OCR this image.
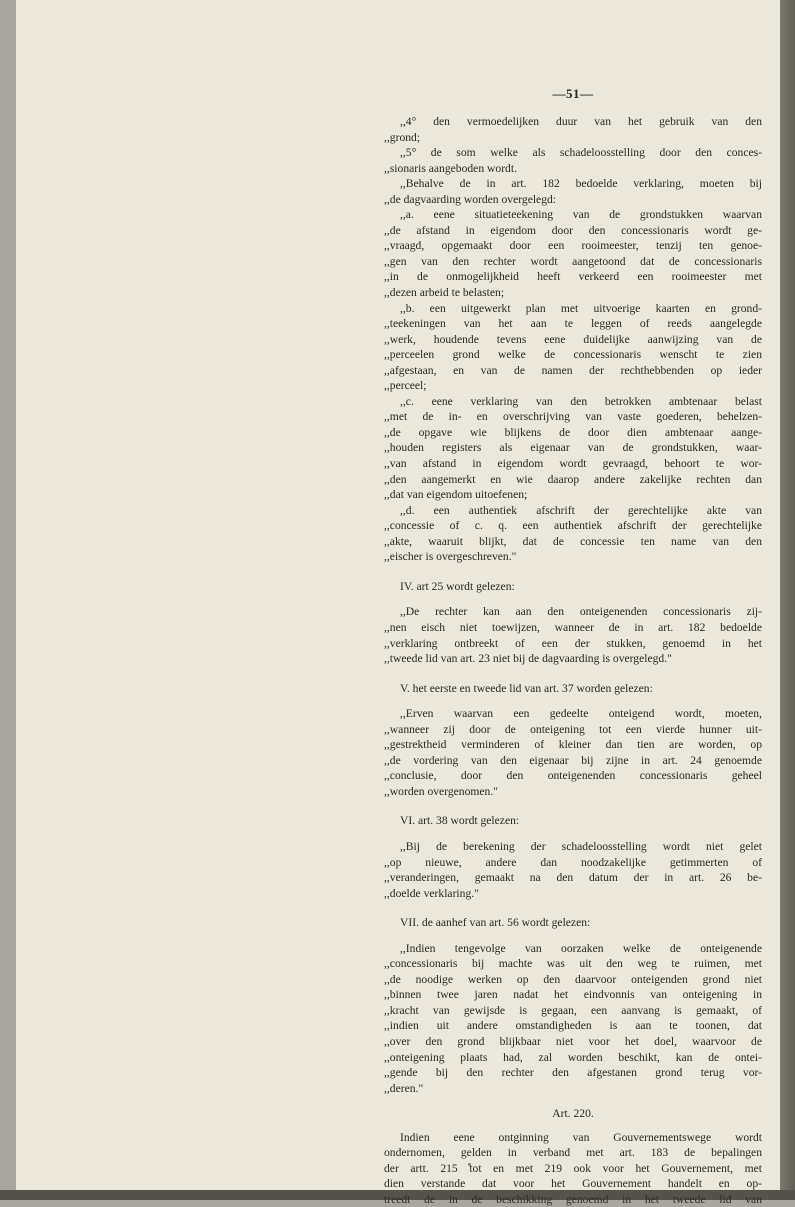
—51—
,,4° den vermoedelijken duur van het gebruik van den
,,grond;
,,5° de som welke als schadeloosstelling door den conces-
,,sionaris aangeboden wordt.
,,Behalve de in art. 182 bedoelde verklaring, moeten bij
,,de dagvaarding worden overgelegd:
,,a. eene situatieteekening van de grondstukken waarvan
,,de afstand in eigendom door den concessionaris wordt ge-
,,vraagd, opgemaakt door een rooimeester, tenzij ten genoe-
,,gen van den rechter wordt aangetoond dat de concessionaris
,,in de onmogelijkheid heeft verkeerd een rooimeester met
,,dezen arbeid te belasten;
,,b. een uitgewerkt plan met uitvoerige kaarten en grond-
,,teekeningen van het aan te leggen of reeds aangelegde
,,werk, houdende tevens eene duidelijke aanwijzing van de
,,perceelen grond welke de concessionaris wenscht te zien
,,afgestaan, en van de namen der rechthebbenden op ieder
,,perceel;
,,c. eene verklaring van den betrokken ambtenaar belast
,,met de in- en overschrijving van vaste goederen, behelzen-
,,de opgave wie blijkens de door dien ambtenaar aange-
,,houden registers als eigenaar van de grondstukken, waar-
,,van afstand in eigendom wordt gevraagd, behoort te wor-
,,den aangemerkt en wie daarop andere zakelijke rechten dan
,,dat van eigendom uitoefenen;
,,d. een authentiek afschrift der gerechtelijke akte van
,,concessie of c. q. een authentiek afschrift der gerechtelijke
,,akte, waaruit blijkt, dat de concessie ten name van den
,,eischer is overgeschreven."
IV. art 25 wordt gelezen:
,,De rechter kan aan den onteigenenden concessionaris zij-
,,nen eisch niet toewijzen, wanneer de in art. 182 bedoelde
,,verklaring ontbreekt of een der stukken, genoemd in het
,,tweede lid van art. 23 niet bij de dagvaarding is overgelegd."
V. het eerste en tweede lid van art. 37 worden gelezen:
,,Erven waarvan een gedeelte onteigend wordt, moeten,
,,wanneer zij door de onteigening tot een vierde hunner uit-
,,gestrektheid verminderen of kleiner dan tien are worden, op
,,de vordering van den eigenaar bij zijne in art. 24 genoemde
,,conclusie, door den onteigenenden concessionaris geheel
,,worden overgenomen."
VI. art. 38 wordt gelezen:
,,Bij de berekening der schadeloosstelling wordt niet gelet
,,op nieuwe, andere dan noodzakelijke getimmerten of
,,veranderingen, gemaakt na den datum der in art. 26 be-
,,doelde verklaring."
VII. de aanhef van art. 56 wordt gelezen:
,,Indien tengevolge van oorzaken welke de onteigenende
,,concessionaris bij machte was uit den weg te ruimen, met
,,de noodige werken op den daarvoor onteigenden grond niet
,,binnen twee jaren nadat het eindvonnis van onteigening in
,,kracht van gewijsde is gegaan, een aanvang is gemaakt, of
,,indien uit andere omstandigheden is aan te toonen, dat
,,over den grond blijkbaar niet voor het doel, waarvoor de
,,onteigening plaats had, zal worden beschikt, kan de ontei-
,,gende bij den rechter den afgestanen grond terug vor-
,,deren."
Art. 220.
Indien eene ontginning van Gouvernementswege wordt
ondernomen, gelden in verband met art. 183 de bepalingen
der artt. 215 tot en met 219 ook voor het Gouvernement, met
dien verstande dat voor het Gouvernement handelt en op-
treedt de in de beschikking genoemd in het tweede lid van
